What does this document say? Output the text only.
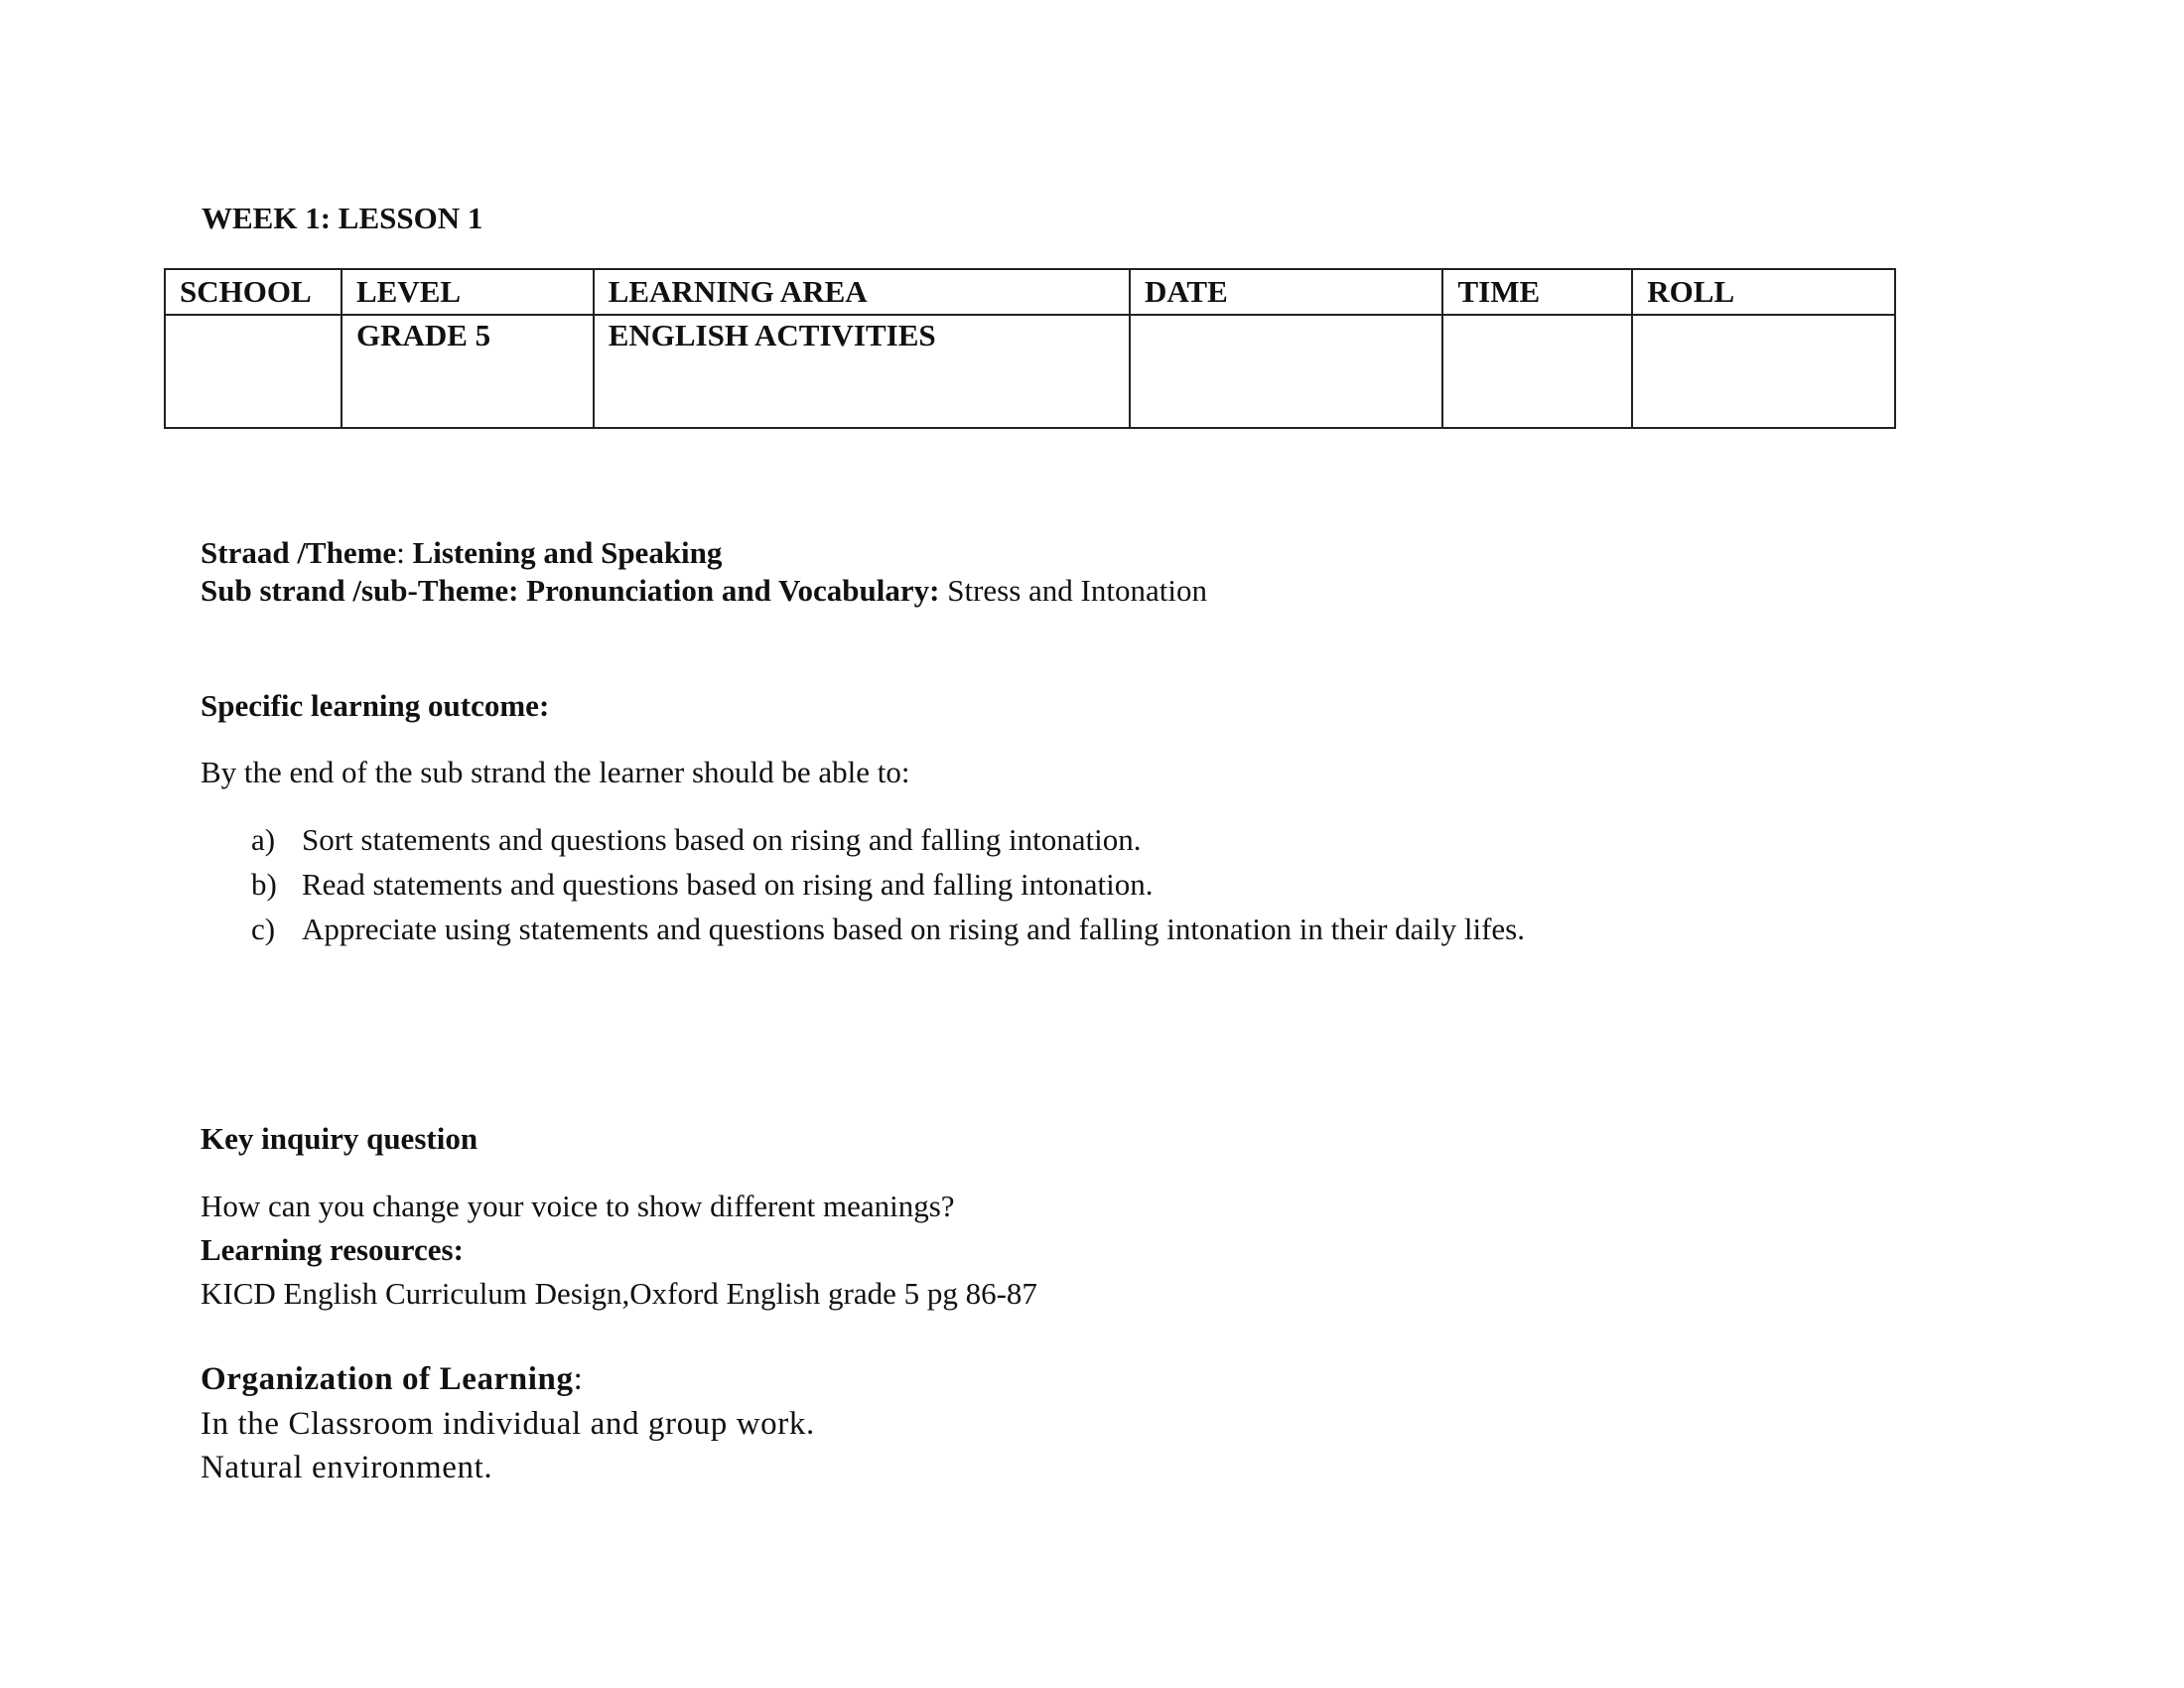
WEEK 1: LESSON 1
SCHOOL	LEVEL	LEARNING AREA	DATE	TIME	ROLL
	GRADE 5	ENGLISH ACTIVITIES			
Straad /Theme: Listening and Speaking
Sub strand /sub-Theme: Pronunciation and Vocabulary: Stress and Intonation
Specific learning outcome:
By the end of the sub strand the learner should be able to:
a) Sort statements and questions based on rising and falling intonation.
b) Read statements and questions based on rising and falling intonation.
c) Appreciate using statements and questions based on rising and falling intonation in their daily lifes.
Key inquiry question
How can you change your voice to show different meanings?
Learning resources:
KICD English Curriculum Design,Oxford English grade 5 pg 86-87
Organization of Learning:
In the Classroom individual and group work.
Natural environment.
